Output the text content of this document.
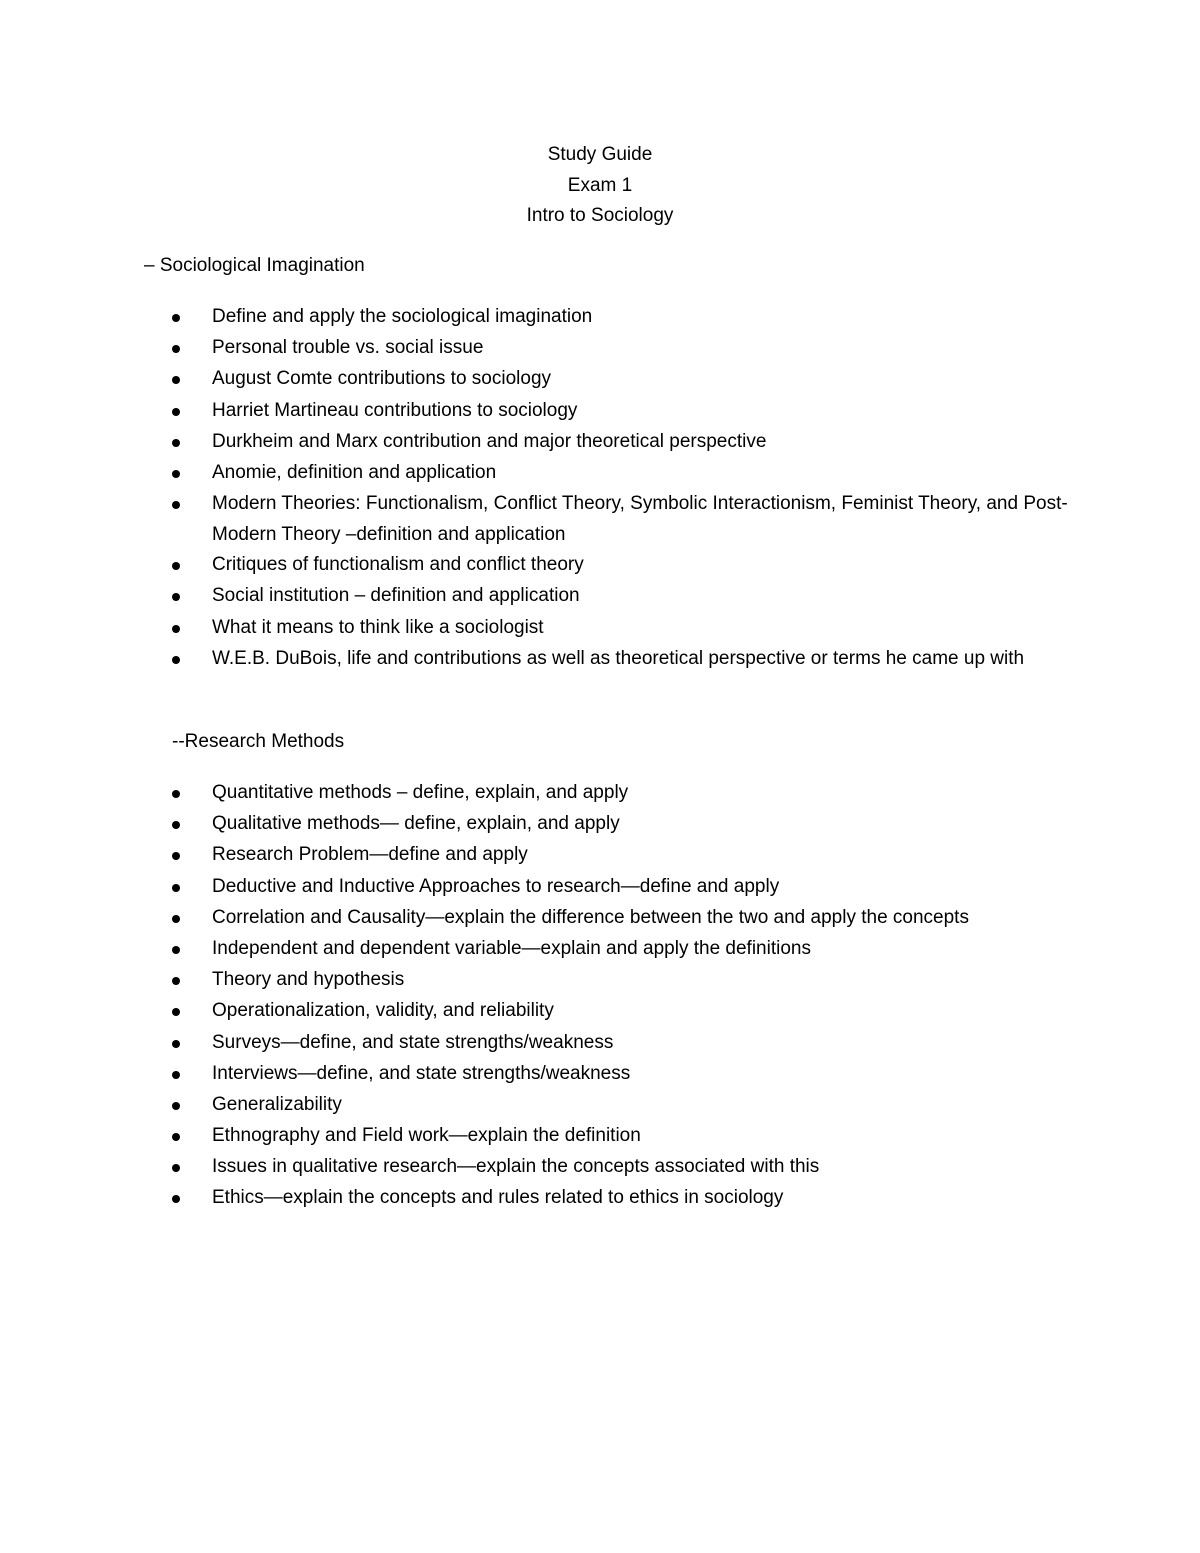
Study Guide
Exam 1
Intro to Sociology
– Sociological Imagination
Define and apply the sociological imagination
Personal trouble vs. social issue
August Comte contributions to sociology
Harriet Martineau contributions to sociology
Durkheim and Marx contribution and major theoretical perspective
Anomie, definition and application
Modern Theories: Functionalism, Conflict Theory, Symbolic Interactionism, Feminist Theory, and Post-Modern Theory –definition and application
Critiques of functionalism and conflict theory
Social institution – definition and application
What it means to think like a sociologist
W.E.B. DuBois, life and contributions as well as theoretical perspective or terms he came up with
--Research Methods
Quantitative methods – define, explain, and apply
Qualitative methods— define, explain, and apply
Research Problem—define and apply
Deductive and Inductive Approaches to research—define and apply
Correlation and Causality—explain the difference between the two and apply the concepts
Independent and dependent variable—explain and apply the definitions
Theory and hypothesis
Operationalization, validity, and reliability
Surveys—define, and state strengths/weakness
Interviews—define, and state strengths/weakness
Generalizability
Ethnography and Field work—explain the definition
Issues in qualitative research—explain the concepts associated with this
Ethics—explain the concepts and rules related to ethics in sociology
